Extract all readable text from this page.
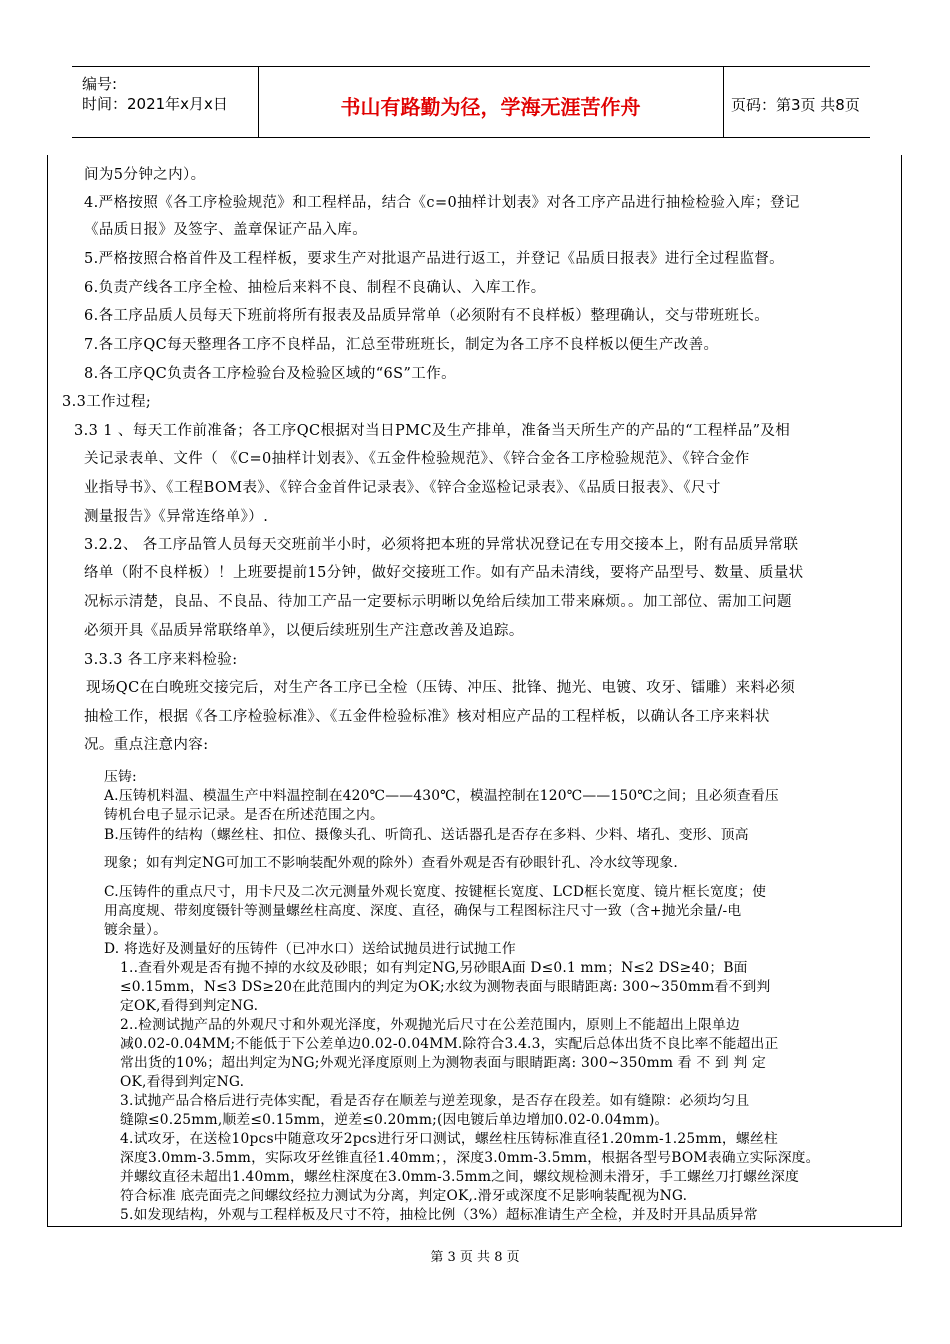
编号:
时间：2021年x月x日	书山有路勤为径，学海无涯苦作舟	页码：第3页 共8页
间为5分钟之内）。
4.严格按照《各工序检验规范》和工程样品，结合《c=0抽样计划表》对各工序产品进行抽检检验入库；登记
《品质日报》及签字、盖章保证产品入库。
5.严格按照合格首件及工程样板，要求生产对批退产品进行返工，并登记《品质日报表》进行全过程监督。
6.负责产线各工序全检、抽检后来料不良、制程不良确认、入库工作。
6.各工序品质人员每天下班前将所有报表及品质异常单（必须附有不良样板）整理确认，交与带班班长。
7.各工序QC每天整理各工序不良样品，汇总至带班班长，制定为各工序不良样板以便生产改善。
8.各工序QC负责各工序检验台及检验区域的“6S”工作。
3.3工作过程;
3.3 1 、每天工作前准备；各工序QC根据对当日PMC及生产排单，准备当天所生产的产品的“工程样品”及相
关记录表单、文件（ 《C=0抽样计划表》、《五金件检验规范》、《锌合金各工序检验规范》、《锌合金作
业指导书》、《工程BOM表》、《锌合金首件记录表》、《锌合金巡检记录表》、《品质日报表》、《尺寸
测量报告》《异常连络单》）.
3.2.2、 各工序品管人员每天交班前半小时，必须将把本班的异常状况登记在专用交接本上，附有品质异常联
络单（附不良样板）！上班要提前15分钟，做好交接班工作。如有产品未清线，要将产品型号、数量、质量状
况标示清楚，良品、不良品、待加工产品一定要标示明晰以免给后续加工带来麻烦。。加工部位、需加工问题
必须开具《品质异常联络单》，以便后续班别生产注意改善及追踪。
3.3.3 各工序来料检验:
现场QC在白晚班交接完后，对生产各工序已全检（压铸、冲压、批锋、抛光、电镀、攻牙、镭雕）来料必须
抽检工作，根据《各工序检验标准》、《五金件检验标准》核对相应产品的工程样板，以确认各工序来料状
况。重点注意内容:
压铸:
A.压铸机料温、模温生产中料温控制在420℃——430℃，模温控制在120℃——150℃之间；且必须查看压
铸机台电子显示记录。是否在所述范围之内。
B.压铸件的结构（螺丝柱、扣位、摄像头孔、听筒孔、送话器孔是否存在多料、少料、堵孔、变形、顶高
现象；如有判定NG可加工不影响装配外观的除外）查看外观是否有砂眼针孔、冷水纹等现象.
C.压铸件的重点尺寸，用卡尺及二次元测量外观长宽度、按键框长宽度、LCD框长宽度、镜片框长宽度；使
用高度规、带刻度镊针等测量螺丝柱高度、深度、直径，确保与工程图标注尺寸一致（含+抛光余量/-电
镀余量）。
D. 将选好及测量好的压铸件（已冲水口）送给试抛员进行试抛工作
1..查看外观是否有抛不掉的水纹及砂眼；如有判定NG,另砂眼A面 D≤0.1 mm；N≤2 DS≥40；B面
≤0.15mm，N≤3 DS≥20在此范围内的判定为OK;水纹为测物表面与眼睛距离: 300~350mm看不到判
定OK,看得到判定NG.
2..检测试抛产品的外观尺寸和外观光泽度，外观抛光后尺寸在公差范围内，原则上不能超出上限单边
减0.02-0.04MM;不能低于下公差单边0.02-0.04MM.除符合3.4.3，实配后总体出货不良比率不能超出正
常出货的10%；超出判定为NG;外观光泽度原则上为测物表面与眼睛距离: 300~350mm 看 不 到 判 定
OK,看得到判定NG.
3.试抛产品合格后进行壳体实配，看是否存在顺差与逆差现象，是否存在段差。如有缝隙：必须均匀且
缝隙≤0.25mm,顺差≤0.15mm，逆差≤0.20mm;(因电镀后单边增加0.02-0.04mm)。
4.试攻牙，在送检10pcs中随意攻牙2pcs进行牙口测试，螺丝柱压铸标准直径1.20mm-1.25mm，螺丝柱
深度3.0mm-3.5mm，实际攻牙丝锥直径1.40mm；，深度3.0mm-3.5mm，根据各型号BOM表确立实际深度。
并螺纹直径未超出1.40mm，螺丝柱深度在3.0mm-3.5mm之间，螺纹规检测未滑牙，手工螺丝刀打螺丝深度
符合标准 底壳面壳之间螺纹经拉力测试为分离，判定OK,.滑牙或深度不足影响装配视为NG.
5.如发现结构，外观与工程样板及尺寸不符，抽检比例（3%）超标准请生产全检，并及时开具品质异常
第 3 页 共 8 页
